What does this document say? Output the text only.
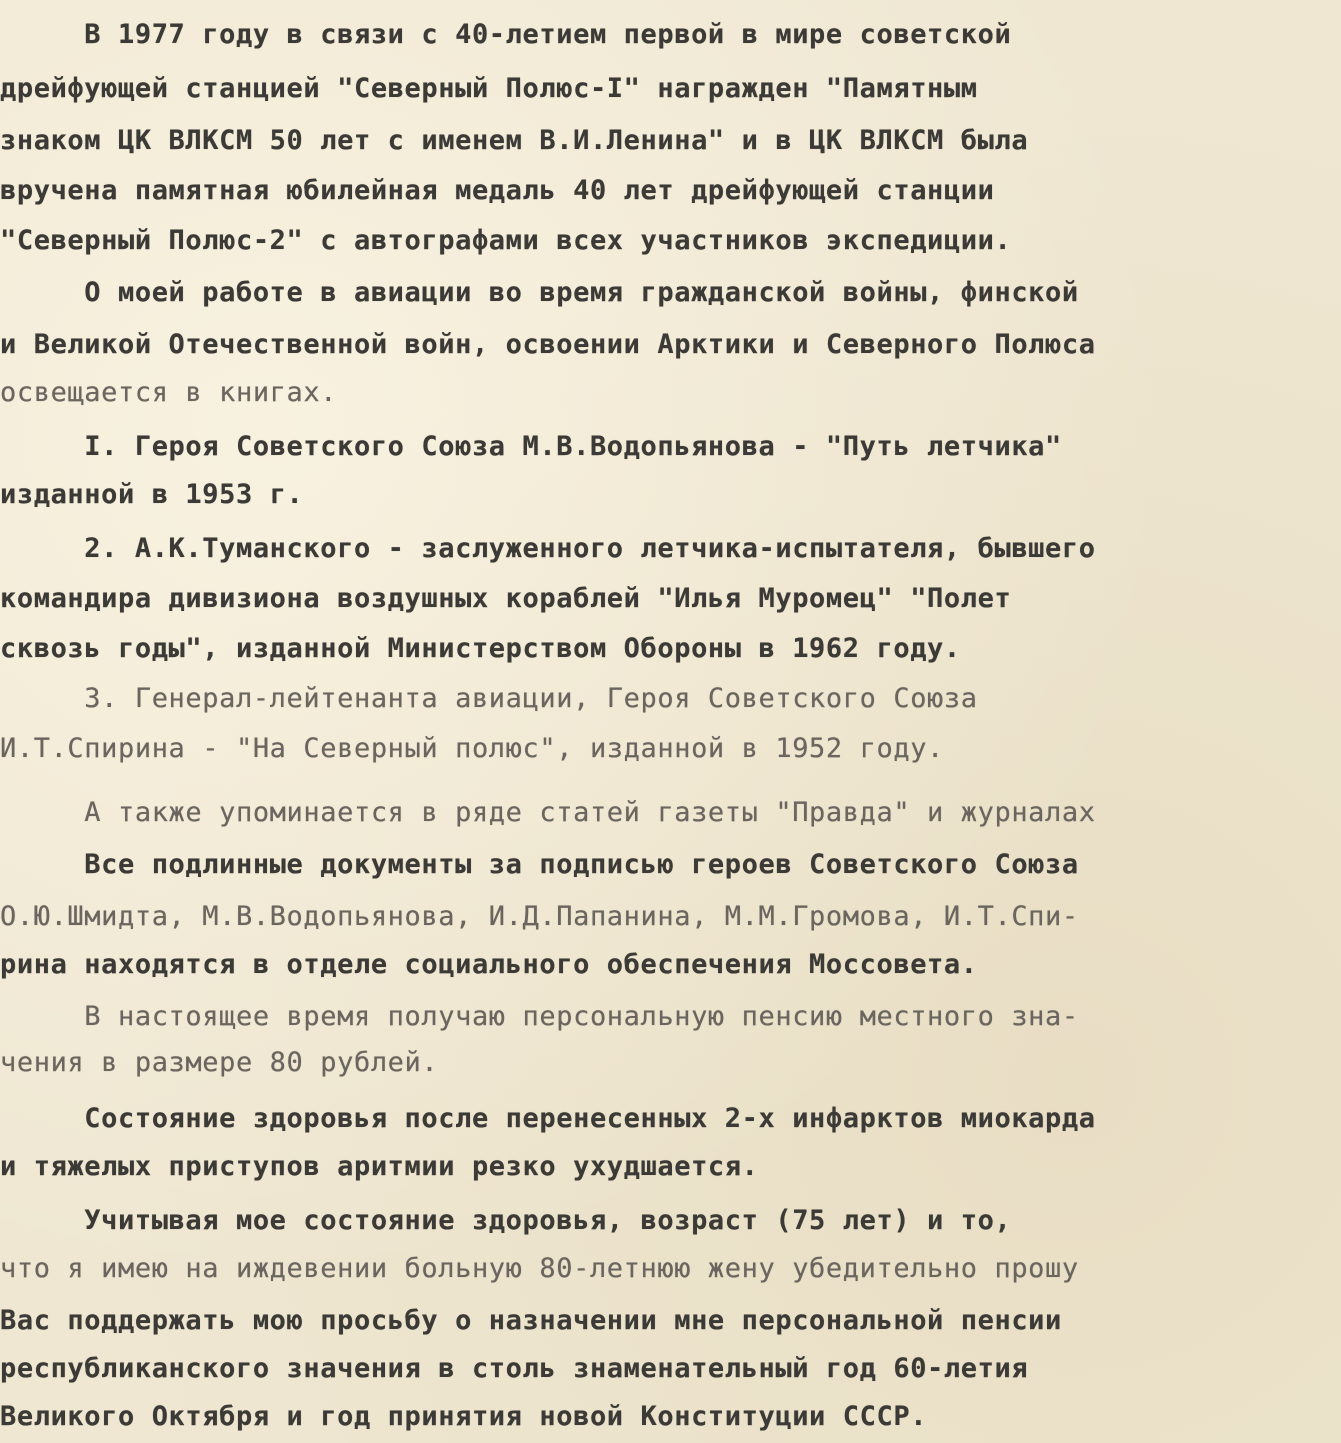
В 1977 году в связи с 40-летием первой в мире советской
дрейфующей станцией "Северный Полюс-I" награжден "Памятным
знаком ЦК ВЛКСМ 50 лет с именем В.И.Ленина" и в ЦК ВЛКСМ была
вручена памятная юбилейная медаль 40 лет дрейфующей станции
"Северный Полюс-2" с автографами всех участников экспедиции.
О моей работе в авиации во время гражданской войны, финской
и Великой Отечественной войн, освоении Арктики и Северного Полюса
освещается в книгах.
I. Героя Советского Союза М.В.Водопьянова - "Путь летчика"
изданной в 1953 г.
2. А.К.Туманского - заслуженного летчика-испытателя, бывшего
командира дивизиона воздушных кораблей "Илья Муромец" "Полет
сквозь годы", изданной Министерством Обороны в 1962 году.
3. Генерал-лейтенанта авиации, Героя Советского Союза
И.Т.Спирина - "На Северный полюс", изданной в 1952 году.
А также упоминается в ряде статей газеты "Правда" и журналах
Все подлинные документы за подписью героев Советского Союза
О.Ю.Шмидта, М.В.Водопьянова, И.Д.Папанина, М.М.Громова, И.Т.Спи-
рина находятся в отделе социального обеспечения Моссовета.
В настоящее время получаю персональную пенсию местного зна-
чения в размере 80 рублей.
Состояние здоровья после перенесенных 2-х инфарктов миокарда
и тяжелых приступов аритмии резко ухудшается.
Учитывая мое состояние здоровья, возраст (75 лет) и то,
что я имею на иждевении больную 80-летнюю жену убедительно прошу
Вас поддержать мою просьбу о назначении мне персональной пенсии
республиканского значения в столь знаменательный год 60-летия
Великого Октября и год принятия новой Конституции СССР.
